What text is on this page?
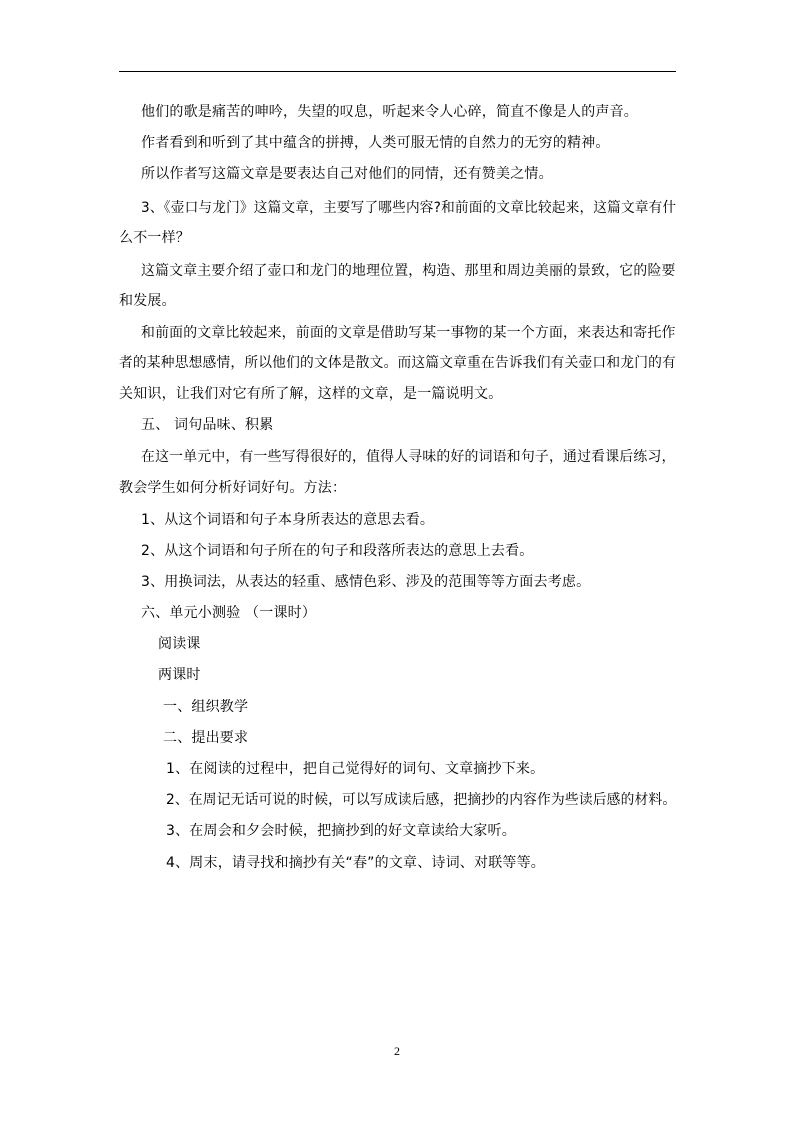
他们的歌是痛苦的呻吟，失望的叹息，听起来令人心碎，简直不像是人的声音。
作者看到和听到了其中蕴含的拼搏，人类可服无情的自然力的无穷的精神。
所以作者写这篇文章是要表达自己对他们的同情，还有赞美之情。
3、《壶口与龙门》这篇文章，主要写了哪些内容?和前面的文章比较起来，这篇文章有什
么不一样？
这篇文章主要介绍了壶口和龙门的地理位置，构造、那里和周边美丽的景致，它的险要
和发展。
和前面的文章比较起来，前面的文章是借助写某一事物的某一个方面，来表达和寄托作
者的某种思想感情，所以他们的文体是散文。而这篇文章重在告诉我们有关壶口和龙门的有
关知识，让我们对它有所了解，这样的文章，是一篇说明文。
五、 词句品味、积累
在这一单元中，有一些写得很好的，值得人寻味的好的词语和句子，通过看课后练习，
教会学生如何分析好词好句。方法：
1、从这个词语和句子本身所表达的意思去看。
2、从这个词语和句子所在的句子和段落所表达的意思上去看。
3、用换词法，从表达的轻重、感情色彩、涉及的范围等等方面去考虑。
六、单元小测验 （一课时）
阅读课
两课时
一、组织教学
二、提出要求
1、在阅读的过程中，把自己觉得好的词句、文章摘抄下来。
2、在周记无话可说的时候，可以写成读后感，把摘抄的内容作为些读后感的材料。
3、在周会和夕会时候，把摘抄到的好文章读给大家听。
4、周末，请寻找和摘抄有关“春”的文章、诗词、对联等等。
2
